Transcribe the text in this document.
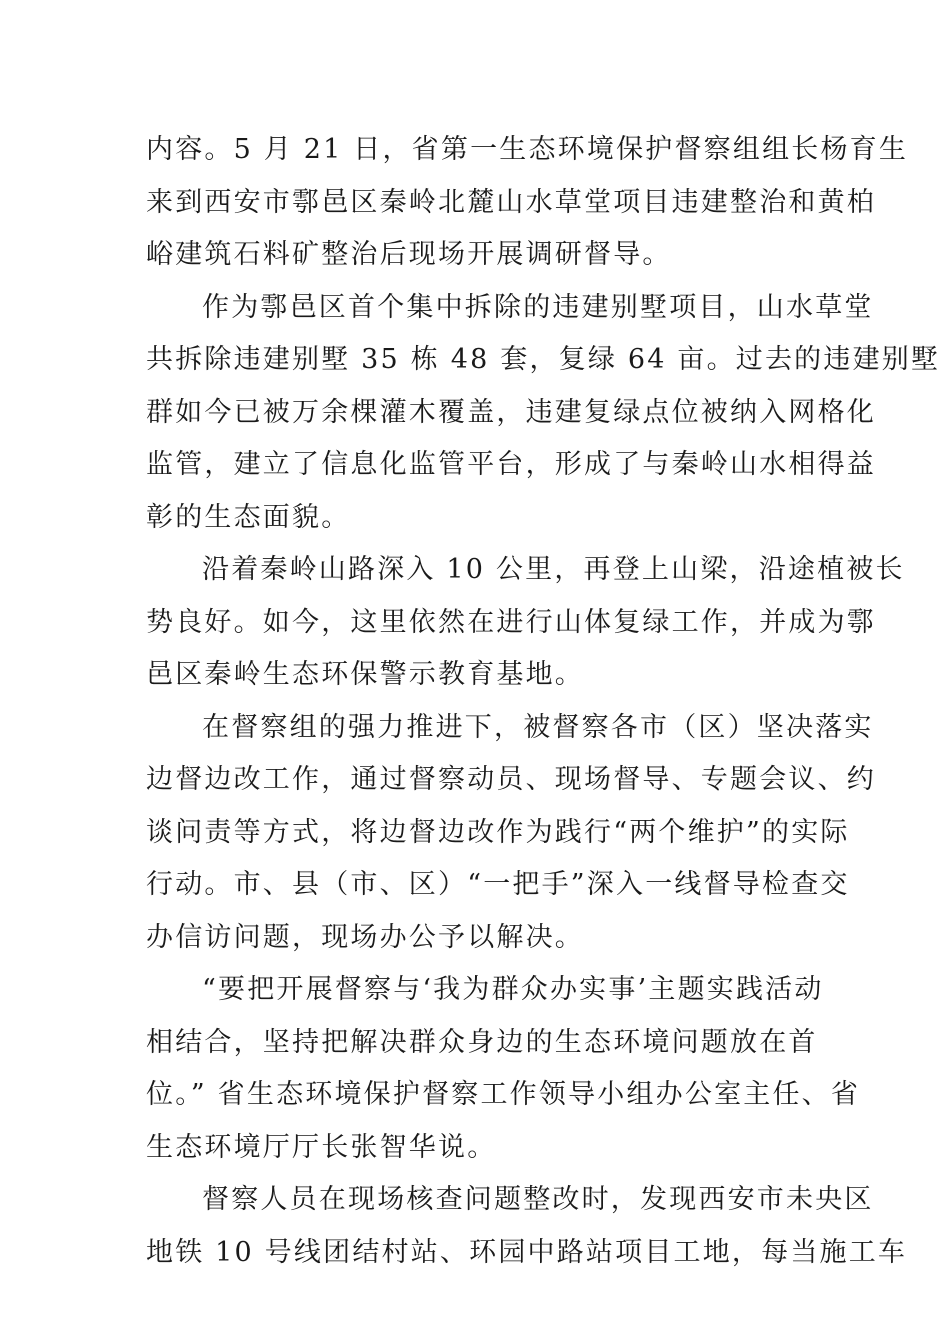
内容。5 月 21 日，省第一生态环境保护督察组组长杨育生
来到西安市鄠邑区秦岭北麓山水草堂项目违建整治和黄柏
峪建筑石料矿整治后现场开展调研督导。
作为鄠邑区首个集中拆除的违建别墅项目，山水草堂
共拆除违建别墅 35 栋 48 套，复绿 64 亩。过去的违建别墅
群如今已被万余棵灌木覆盖，违建复绿点位被纳入网格化
监管，建立了信息化监管平台，形成了与秦岭山水相得益
彰的生态面貌。
沿着秦岭山路深入 10 公里，再登上山梁，沿途植被长
势良好。如今，这里依然在进行山体复绿工作，并成为鄠
邑区秦岭生态环保警示教育基地。
在督察组的强力推进下，被督察各市（区）坚决落实
边督边改工作，通过督察动员、现场督导、专题会议、约
谈问责等方式，将边督边改作为践行“两个维护”的实际
行动。市、县（市、区）“一把手”深入一线督导检查交
办信访问题，现场办公予以解决。
“要把开展督察与‘我为群众办实事’主题实践活动
相结合，坚持把解决群众身边的生态环境问题放在首
位。” 省生态环境保护督察工作领导小组办公室主任、省
生态环境厅厅长张智华说。
督察人员在现场核查问题整改时，发现西安市未央区
地铁 10 号线团结村站、环园中路站项目工地，每当施工车
